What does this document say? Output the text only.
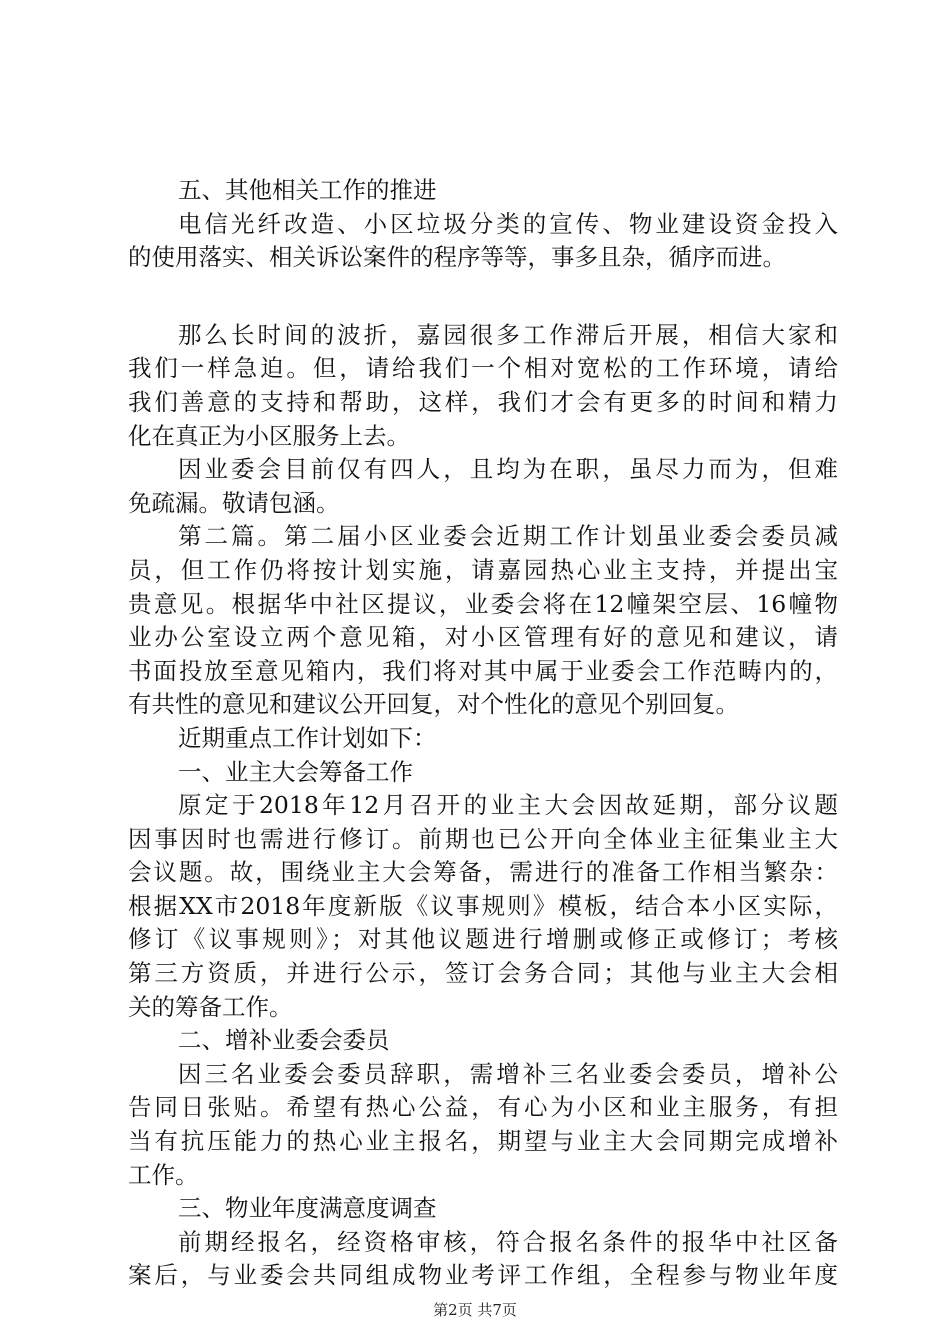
五、其他相关工作的推进
电信光纤改造、小区垃圾分类的宣传、物业建设资金投入
的使用落实、相关诉讼案件的程序等等，事多且杂，循序而进。
那么长时间的波折，嘉园很多工作滞后开展，相信大家和
我们一样急迫。但，请给我们一个相对宽松的工作环境，请给
我们善意的支持和帮助，这样，我们才会有更多的时间和精力
化在真正为小区服务上去。
因业委会目前仅有四人，且均为在职，虽尽力而为，但难
免疏漏。敬请包涵。
第二篇。第二届小区业委会近期工作计划虽业委会委员减
员，但工作仍将按计划实施，请嘉园热心业主支持，并提出宝
贵意见。根据华中社区提议，业委会将在12幢架空层、16幢物
业办公室设立两个意见箱，对小区管理有好的意见和建议，请
书面投放至意见箱内，我们将对其中属于业委会工作范畴内的，
有共性的意见和建议公开回复，对个性化的意见个别回复。
近期重点工作计划如下：
一、业主大会筹备工作
原定于2018年12月召开的业主大会因故延期，部分议题
因事因时也需进行修订。前期也已公开向全体业主征集业主大
会议题。故，围绕业主大会筹备，需进行的准备工作相当繁杂：
根据XX市2018年度新版《议事规则》模板，结合本小区实际，
修订《议事规则》；对其他议题进行增删或修正或修订；考核
第三方资质，并进行公示，签订会务合同；其他与业主大会相
关的筹备工作。
二、增补业委会委员
因三名业委会委员辞职，需增补三名业委会委员，增补公
告同日张贴。希望有热心公益，有心为小区和业主服务，有担
当有抗压能力的热心业主报名，期望与业主大会同期完成增补
工作。
三、物业年度满意度调查
前期经报名，经资格审核，符合报名条件的报华中社区备
案后，与业委会共同组成物业考评工作组，全程参与物业年度
第2页 共7页
